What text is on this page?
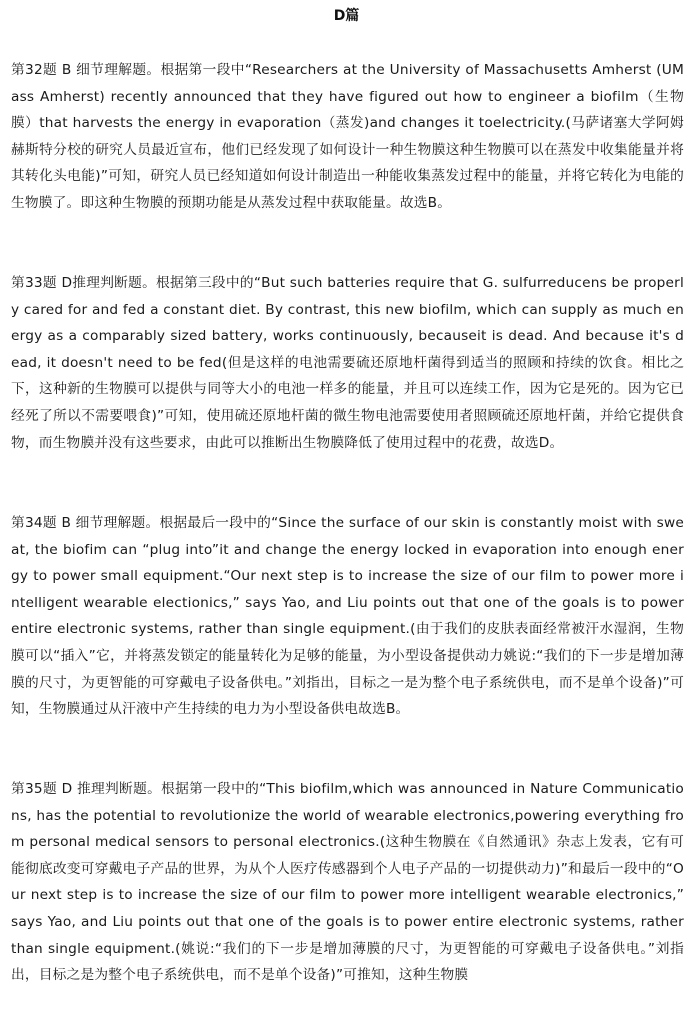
D篇
第32题 B 细节理解题。根据第一段中“Researchers at the University of Massachusetts Amherst (UMass Amherst) recently announced that they have figured out how to engineer a biofilm（生物膜）that harvests the energy in evaporation（蒸发)and changes it toelectricity.(马萨诸塞大学阿姆赫斯特分校的研究人员最近宣布，他们已经发现了如何设计一种生物膜这种生物膜可以在蒸发中收集能量并将其转化头电能)”可知，研究人员已经知道如何设计制造出一种能收集蒸发过程中的能量，并将它转化为电能的生物膜了。即这种生物膜的预期功能是从蒸发过程中获取能量。故选B。
第33题 D推理判断题。根据第三段中的“But such batteries require that G. sulfurreducens be properly cared for and fed a constant diet. By contrast, this new biofilm, which can supply as much energy as a comparably sized battery, works continuously, becauseit is dead. And because it's dead, it doesn't need to be fed(但是这样的电池需要硫还原地杆菌得到适当的照顾和持续的饮食。相比之下，这种新的生物膜可以提供与同等大小的电池一样多的能量，并且可以连续工作，因为它是死的。因为它已经死了所以不需要喂食)”可知，使用硫还原地杆菌的微生物电池需要使用者照顾硫还原地杆菌，并给它提供食物，而生物膜并没有这些要求，由此可以推断出生物膜降低了使用过程中的花费，故选D。
第34题 B 细节理解题。根据最后一段中的“Since the surface of our skin is constantly moist with sweat, the biofim can “plug into”it and change the energy locked in evaporation into enough energy to power small equipment.“Our next step is to increase the size of our film to power more intelligent wearable electionics,” says Yao, and Liu points out that one of the goals is to power entire electronic systems, rather than single equipment.(由于我们的皮肤表面经常被汗水湿润，生物膜可以“插入”它，并将蒸发锁定的能量转化为足够的能量，为小型设备提供动力姚说:“我们的下一步是增加薄膜的尺寸，为更智能的可穿戴电子设备供电。”刘指出，目标之一是为整个电子系统供电，而不是单个设备)”可知，生物膜通过从汗液中产生持续的电力为小型设备供电故选B。
第35题 D 推理判断题。根据第一段中的“This biofilm,which was announced in Nature Communications, has the potential to revolutionize the world of wearable electronics,powering everything from personal medical sensors to personal electronics.(这种生物膜在《自然通讯》杂志上发表，它有可能彻底改变可穿戴电子产品的世界，为从个人医疗传感器到个人电子产品的一切提供动力)”和最后一段中的“Our next step is to increase the size of our film to power more intelligent wearable electronics,” says Yao, and Liu points out that one of the goals is to power entire electronic systems, rather than single equipment.(姚说:“我们的下一步是增加薄膜的尺寸，为更智能的可穿戴电子设备供电。”刘指出，目标之是为整个电子系统供电，而不是单个设备)”可推知，这种生物膜
